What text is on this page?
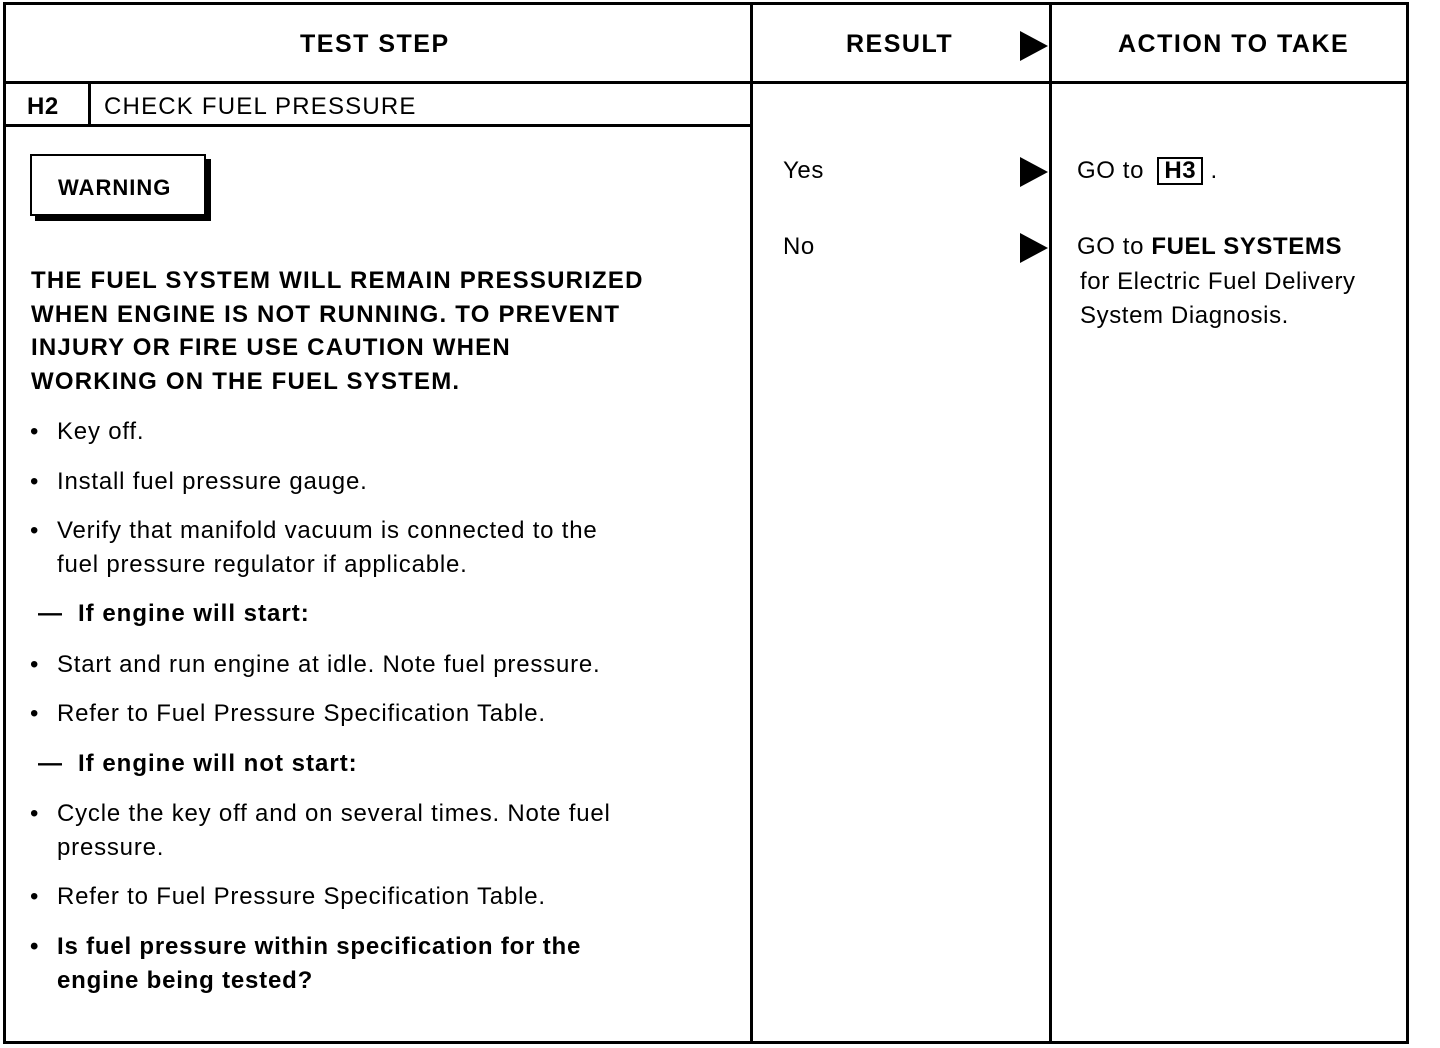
TEST STEP	RESULT	ACTION TO TAKE
H2 CHECK FUEL PRESSURE
WARNING
THE FUEL SYSTEM WILL REMAIN PRESSURIZED
WHEN ENGINE IS NOT RUNNING. TO PREVENT
INJURY OR FIRE USE CAUTION WHEN
WORKING ON THE FUEL SYSTEM.
• Key off.
• Install fuel pressure gauge.
• Verify that manifold vacuum is connected to the
fuel pressure regulator if applicable.
— If engine will start:
• Start and run engine at idle. Note fuel pressure.
• Refer to Fuel Pressure Specification Table.
— If engine will not start:
• Cycle the key off and on several times. Note fuel
pressure.
• Refer to Fuel Pressure Specification Table.
• Is fuel pressure within specification for the
engine being tested?
Yes
No
GO to H3 .
GO to FUEL SYSTEMS
for Electric Fuel Delivery
System Diagnosis.
